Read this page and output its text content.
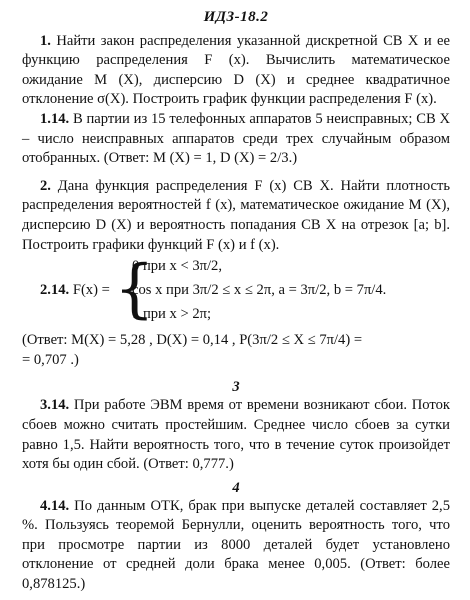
ИДЗ-18.2

1. Найти закон распределения указанной дискретной СВ X и ее функцию распределения F (x). Вычислить математическое ожидание M (X), дисперсию D (X) и среднее квадратичное отклонение σ(X). Построить график функции распределения F (x).

1.14. В партии из 15 телефонных аппаратов 5 неисправных; СВ X – число неисправных аппаратов среди трех случайным образом отобранных. (Ответ: M (X) = 1, D (X) = 2/3.)

2. Дана функция распределения F (x) СВ X. Найти плотность распределения вероятностей f (x), математическое ожидание M (X), дисперсию D (X) и вероятность попадания СВ X на отрезок [a; b]. Построить графики функций F (x) и f (x).

2.14. F(x) = {
0 при x < 3π/2,
cos x при 3π/2 ≤ x ≤ 2π, a = 3π/2, b = 7π/4.
1 при x > 2π;

(Ответ: M(X) = 5,28 , D(X) = 0,14 , P(3π/2 ≤ X ≤ 7π/4) =

= 0,707 .)

3

3.14. При работе ЭВМ время от времени возникают сбои. Поток сбоев можно считать простейшим. Среднее число сбоев за сутки равно 1,5. Найти вероятность того, что в течение суток произойдет хотя бы один сбой. (Ответ: 0,777.)

4

4.14. По данным ОТК, брак при выпуске деталей составляет 2,5 %. Пользуясь теоремой Бернулли, оценить вероятность того, что при просмотре партии из 8000 деталей будет установлено отклонение от средней доли брака менее 0,005. (Ответ: более 0,878125.)
